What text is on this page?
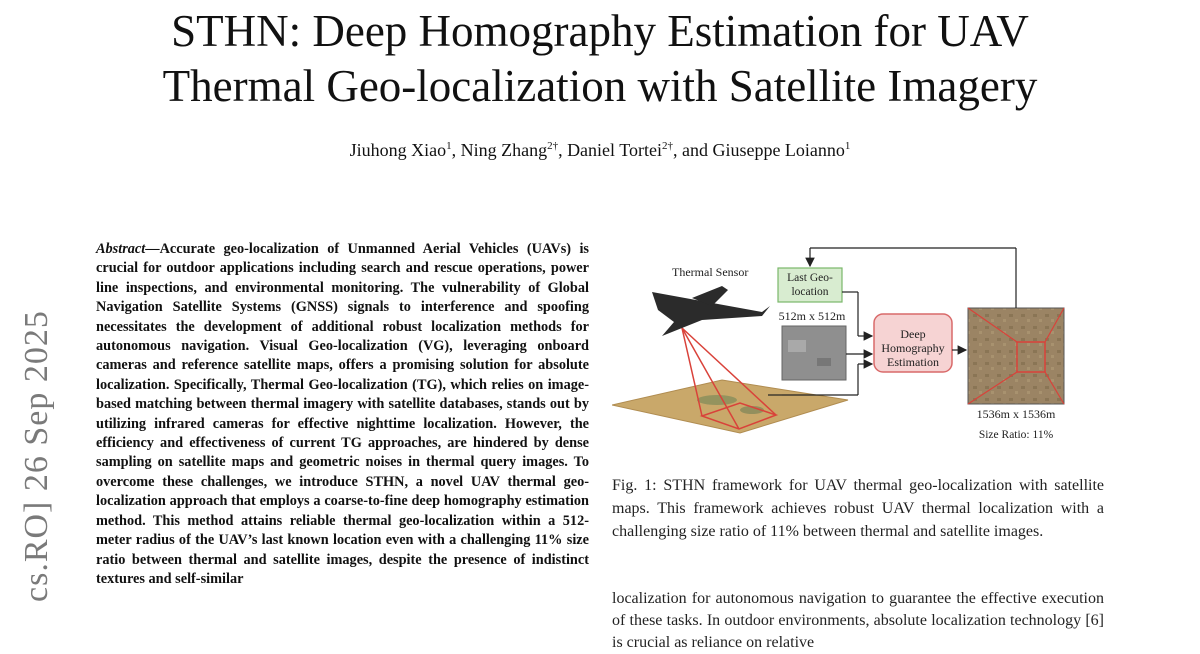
STHN: Deep Homography Estimation for UAV
Thermal Geo-localization with Satellite Imagery
Jiuhong Xiao$^1$, Ning Zhang$^{2\dagger}$, Daniel Tortei$^{2\dagger}$, and Giuseppe Loianno$^1$
cs.RO] 26 Sep 2025
Abstract—Accurate geo-localization of Unmanned Aerial Vehicles (UAVs) is crucial for outdoor applications including search and rescue operations, power line inspections, and environmental monitoring. The vulnerability of Global Navigation Satellite Systems (GNSS) signals to interference and spoofing necessitates the development of additional robust localization methods for autonomous navigation. Visual Geo-localization (VG), leveraging onboard cameras and reference satellite maps, offers a promising solution for absolute localization. Specifically, Thermal Geo-localization (TG), which relies on image-based matching between thermal imagery with satellite databases, stands out by utilizing infrared cameras for effective nighttime localization. However, the efficiency and effectiveness of current TG approaches, are hindered by dense sampling on satellite maps and geometric noises in thermal query images. To overcome these challenges, we introduce STHN, a novel UAV thermal geo-localization approach that employs a coarse-to-fine deep homography estimation method. This method attains reliable thermal geo-localization within a 512-meter radius of the UAV’s last known location even with a challenging 11% size ratio between thermal and satellite images, despite the presence of indistinct textures and self-similar
Thermal Sensor	Last Geo-
location
512m x 512m
Deep
Homography
Estimation
1536m x 1536m
Size Ratio: 11%
Fig. 1: STHN framework for UAV thermal geo-localization with satellite maps. This framework achieves robust UAV thermal localization with a challenging size ratio of 11% between thermal and satellite images.
localization for autonomous navigation to guarantee the effective execution of these tasks. In outdoor environments, absolute localization technology [6] is crucial as reliance on relative
